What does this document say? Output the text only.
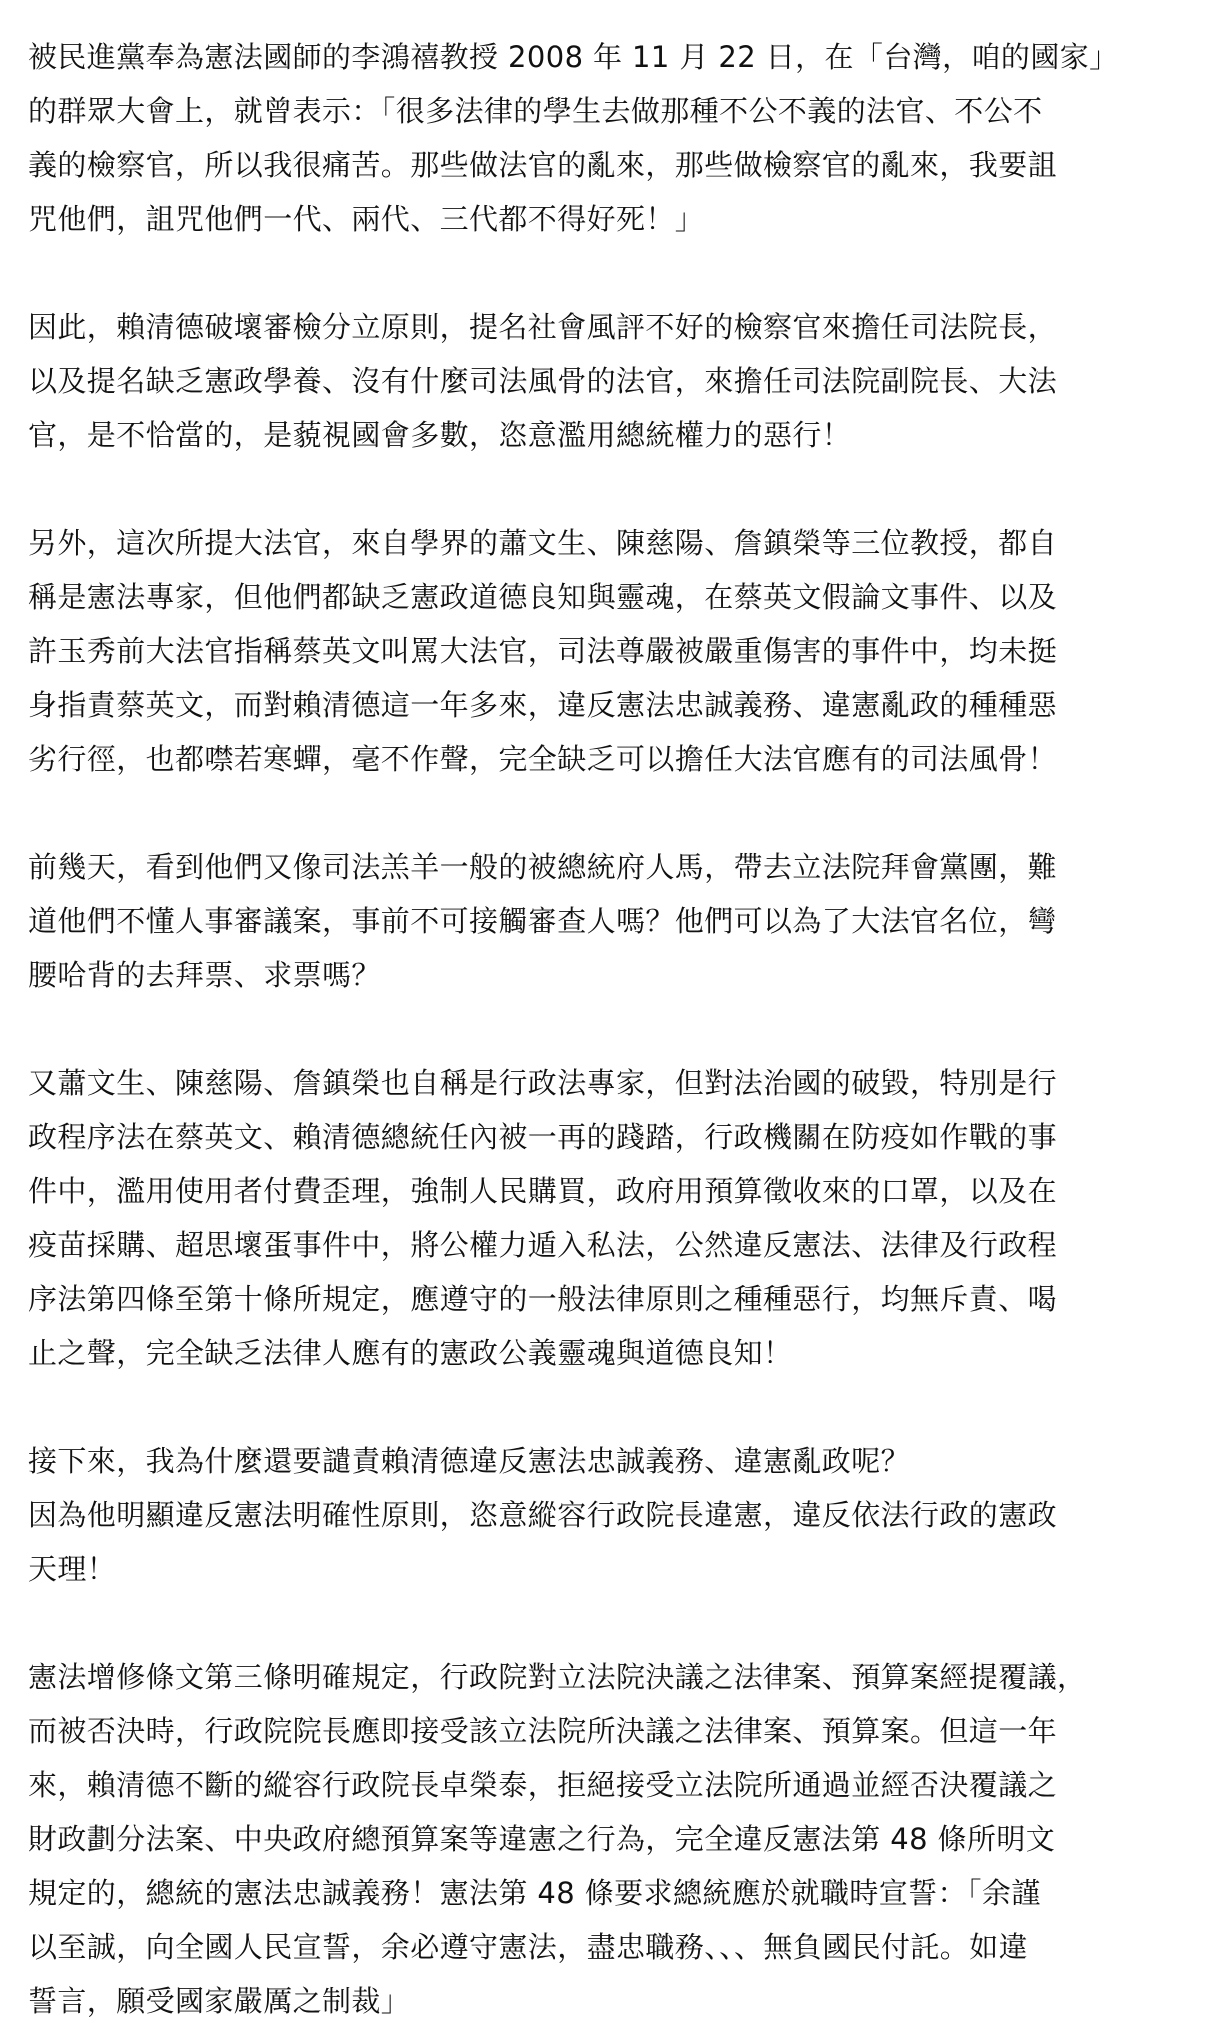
被民進黨奉為憲法國師的李鴻禧教授 2008 年 11 月 22 日，在「台灣，咱的國家」
的群眾大會上，就曾表示：「很多法律的學生去做那種不公不義的法官、不公不
義的檢察官，所以我很痛苦。那些做法官的亂來，那些做檢察官的亂來，我要詛
咒他們，詛咒他們一代、兩代、三代都不得好死！」

因此，賴清德破壞審檢分立原則，提名社會風評不好的檢察官來擔任司法院長，
以及提名缺乏憲政學養、沒有什麼司法風骨的法官，來擔任司法院副院長、大法
官，是不恰當的，是藐視國會多數，恣意濫用總統權力的惡行！

另外，這次所提大法官，來自學界的蕭文生、陳慈陽、詹鎮榮等三位教授，都自
稱是憲法專家，但他們都缺乏憲政道德良知與靈魂，在蔡英文假論文事件、以及
許玉秀前大法官指稱蔡英文叫罵大法官，司法尊嚴被嚴重傷害的事件中，均未挺
身指責蔡英文，而對賴清德這一年多來，違反憲法忠誠義務、違憲亂政的種種惡
劣行徑，也都噤若寒蟬，毫不作聲，完全缺乏可以擔任大法官應有的司法風骨！

前幾天，看到他們又像司法羔羊一般的被總統府人馬，帶去立法院拜會黨團，難
道他們不懂人事審議案，事前不可接觸審查人嗎？他們可以為了大法官名位，彎
腰哈背的去拜票、求票嗎？

又蕭文生、陳慈陽、詹鎮榮也自稱是行政法專家，但對法治國的破毀，特別是行
政程序法在蔡英文、賴清德總統任內被一再的踐踏，行政機關在防疫如作戰的事
件中，濫用使用者付費歪理，強制人民購買，政府用預算徵收來的口罩，以及在
疫苗採購、超思壞蛋事件中，將公權力遁入私法，公然違反憲法、法律及行政程
序法第四條至第十條所規定，應遵守的一般法律原則之種種惡行，均無斥責、喝
止之聲，完全缺乏法律人應有的憲政公義靈魂與道德良知！

接下來，我為什麼還要譴責賴清德違反憲法忠誠義務、違憲亂政呢？
因為他明顯違反憲法明確性原則，恣意縱容行政院長違憲，違反依法行政的憲政
天理！

憲法增修條文第三條明確規定，行政院對立法院決議之法律案、預算案經提覆議，
而被否決時，行政院院長應即接受該立法院所決議之法律案、預算案。但這一年
來，賴清德不斷的縱容行政院長卓榮泰，拒絕接受立法院所通過並經否決覆議之
財政劃分法案、中央政府總預算案等違憲之行為，完全違反憲法第 48 條所明文
規定的，總統的憲法忠誠義務！憲法第 48 條要求總統應於就職時宣誓：「余謹
以至誠，向全國人民宣誓，余必遵守憲法，盡忠職務、、、無負國民付託。如違
誓言，願受國家嚴厲之制裁」
